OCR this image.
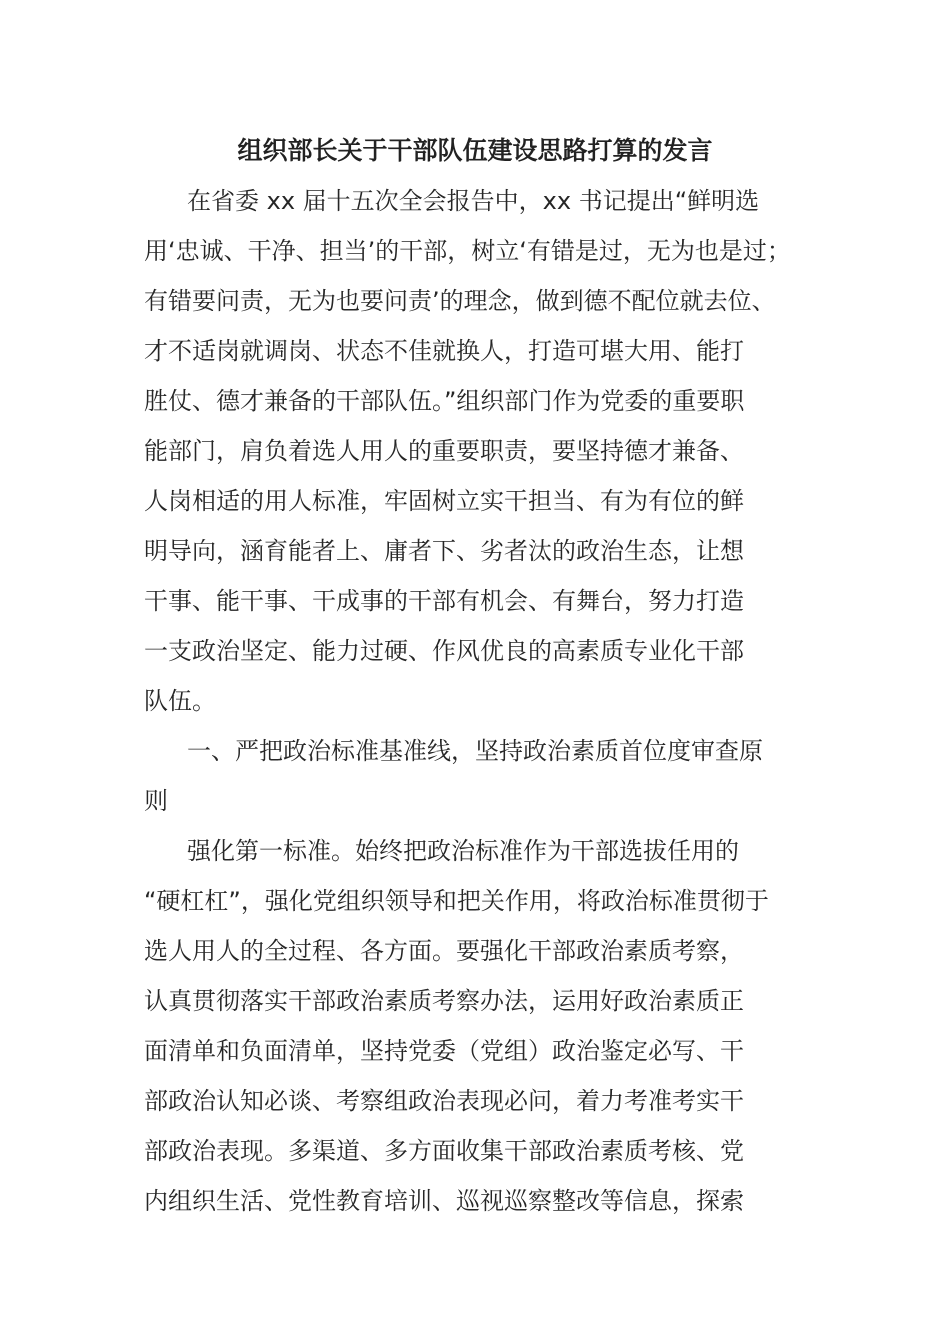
组织部长关于干部队伍建设思路打算的发言
在省委 xx 届十五次全会报告中，xx 书记提出“鲜明选
用‘忠诚、干净、担当’的干部，树立‘有错是过，无为也是过；
有错要问责，无为也要问责’的理念，做到德不配位就去位、
才不适岗就调岗、状态不佳就换人，打造可堪大用、能打
胜仗、德才兼备的干部队伍。”组织部门作为党委的重要职
能部门，肩负着选人用人的重要职责，要坚持德才兼备、
人岗相适的用人标准，牢固树立实干担当、有为有位的鲜
明导向，涵育能者上、庸者下、劣者汰的政治生态，让想
干事、能干事、干成事的干部有机会、有舞台，努力打造
一支政治坚定、能力过硬、作风优良的高素质专业化干部
队伍。
一、严把政治标准基准线，坚持政治素质首位度审查原
则
强化第一标准。始终把政治标准作为干部选拔任用的
“硬杠杠”，强化党组织领导和把关作用，将政治标准贯彻于
选人用人的全过程、各方面。要强化干部政治素质考察，
认真贯彻落实干部政治素质考察办法，运用好政治素质正
面清单和负面清单，坚持党委（党组）政治鉴定必写、干
部政治认知必谈、考察组政治表现必问，着力考准考实干
部政治表现。多渠道、多方面收集干部政治素质考核、党
内组织生活、党性教育培训、巡视巡察整改等信息，探索
